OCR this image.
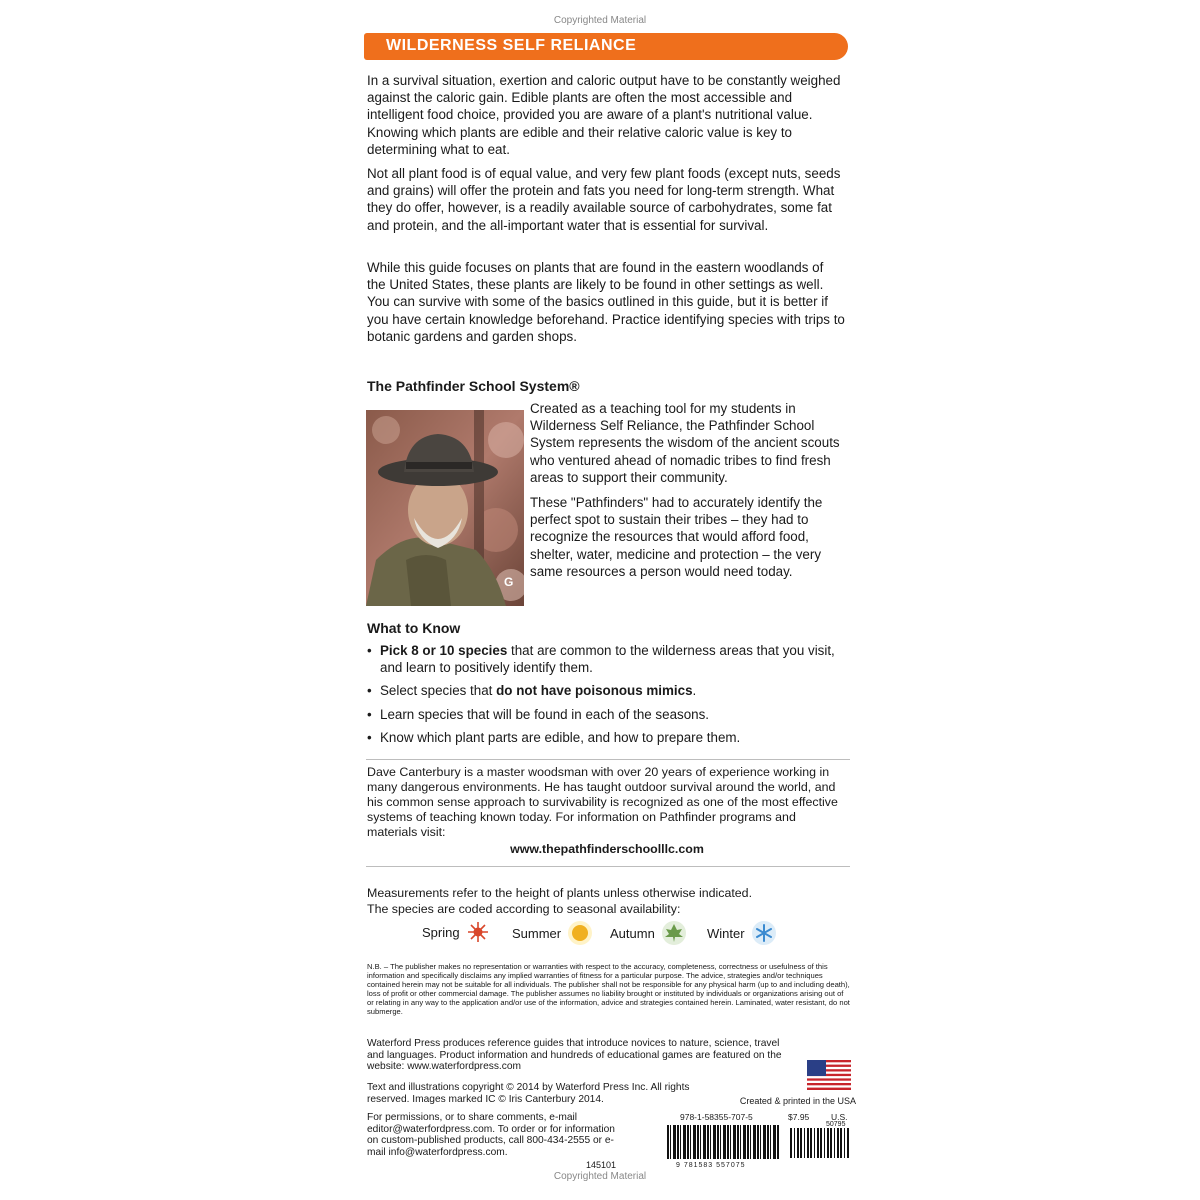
Copyrighted Material
WILDERNESS SELF RELIANCE

In a survival situation, exertion and caloric output have to be constantly weighed against the caloric gain. Edible plants are often the most accessible and intelligent food choice, provided you are aware of a plant's nutritional value. Knowing which plants are edible and their relative caloric value is key to determining what to eat.

Not all plant food is of equal value, and very few plant foods (except nuts, seeds and grains) will offer the protein and fats you need for long-term strength. What they do offer, however, is a readily available source of carbohydrates, some fat and protein, and the all-important water that is essential for survival.

While this guide focuses on plants that are found in the eastern woodlands of the United States, these plants are likely to be found in other settings as well. You can survive with some of the basics outlined in this guide, but it is better if you have certain knowledge beforehand. Practice identifying species with trips to botanic gardens and garden shops.

The Pathfinder School System®
G

Created as a teaching tool for my students in Wilderness Self Reliance, the Pathfinder School System represents the wisdom of the ancient scouts who ventured ahead of nomadic tribes to find fresh areas to support their community.

These "Pathfinders" had to accurately identify the perfect spot to sustain their tribes – they had to recognize the resources that would afford food, shelter, water, medicine and protection – the very same resources a person would need today.

What to Know
• Pick 8 or 10 species that are common to the wilderness areas that you visit, and learn to positively identify them.
• Select species that do not have poisonous mimics.
• Learn species that will be found in each of the seasons.
• Know which plant parts are edible, and how to prepare them.
Dave Canterbury is a master woodsman with over 20 years of experience working in many dangerous environments. He has taught outdoor survival around the world, and his common sense approach to survivability is recognized as one of the most effective systems of teaching known today. For information on Pathfinder programs and materials visit:
www.thepathfinderschoolllc.com
Measurements refer to the height of plants unless otherwise indicated.
The species are coded according to seasonal availability:
Spring	Summer	Autumn	Winter
N.B. – The publisher makes no representation or warranties with respect to the accuracy, completeness, correctness or usefulness of this information and specifically disclaims any implied warranties of fitness for a particular purpose. The advice, strategies and/or techniques contained herein may not be suitable for all individuals. The publisher shall not be responsible for any physical harm (up to and including death), loss of profit or other commercial damage. The publisher assumes no liability brought or instituted by individuals or organizations arising out of or relating in any way to the application and/or use of the information, advice and strategies contained herein. Laminated, water resistant, do not submerge.
Waterford Press produces reference guides that introduce novices to nature, science, travel and languages. Product information and hundreds of educational games are featured on the website: www.waterfordpress.com
Text and illustrations copyright © 2014 by Waterford Press Inc. All rights reserved. Images marked IC © Iris Canterbury 2014.	Created & printed in the USA
For permissions, or to share comments, e-mail editor@waterfordpress.com. To order or for information on custom-published products, call 800-434-2555 or e-mail info@waterfordpress.com.
978-1-58355-707-5	$7.95	U.S.
50795
9 781583 557075
145101
Copyrighted Material
